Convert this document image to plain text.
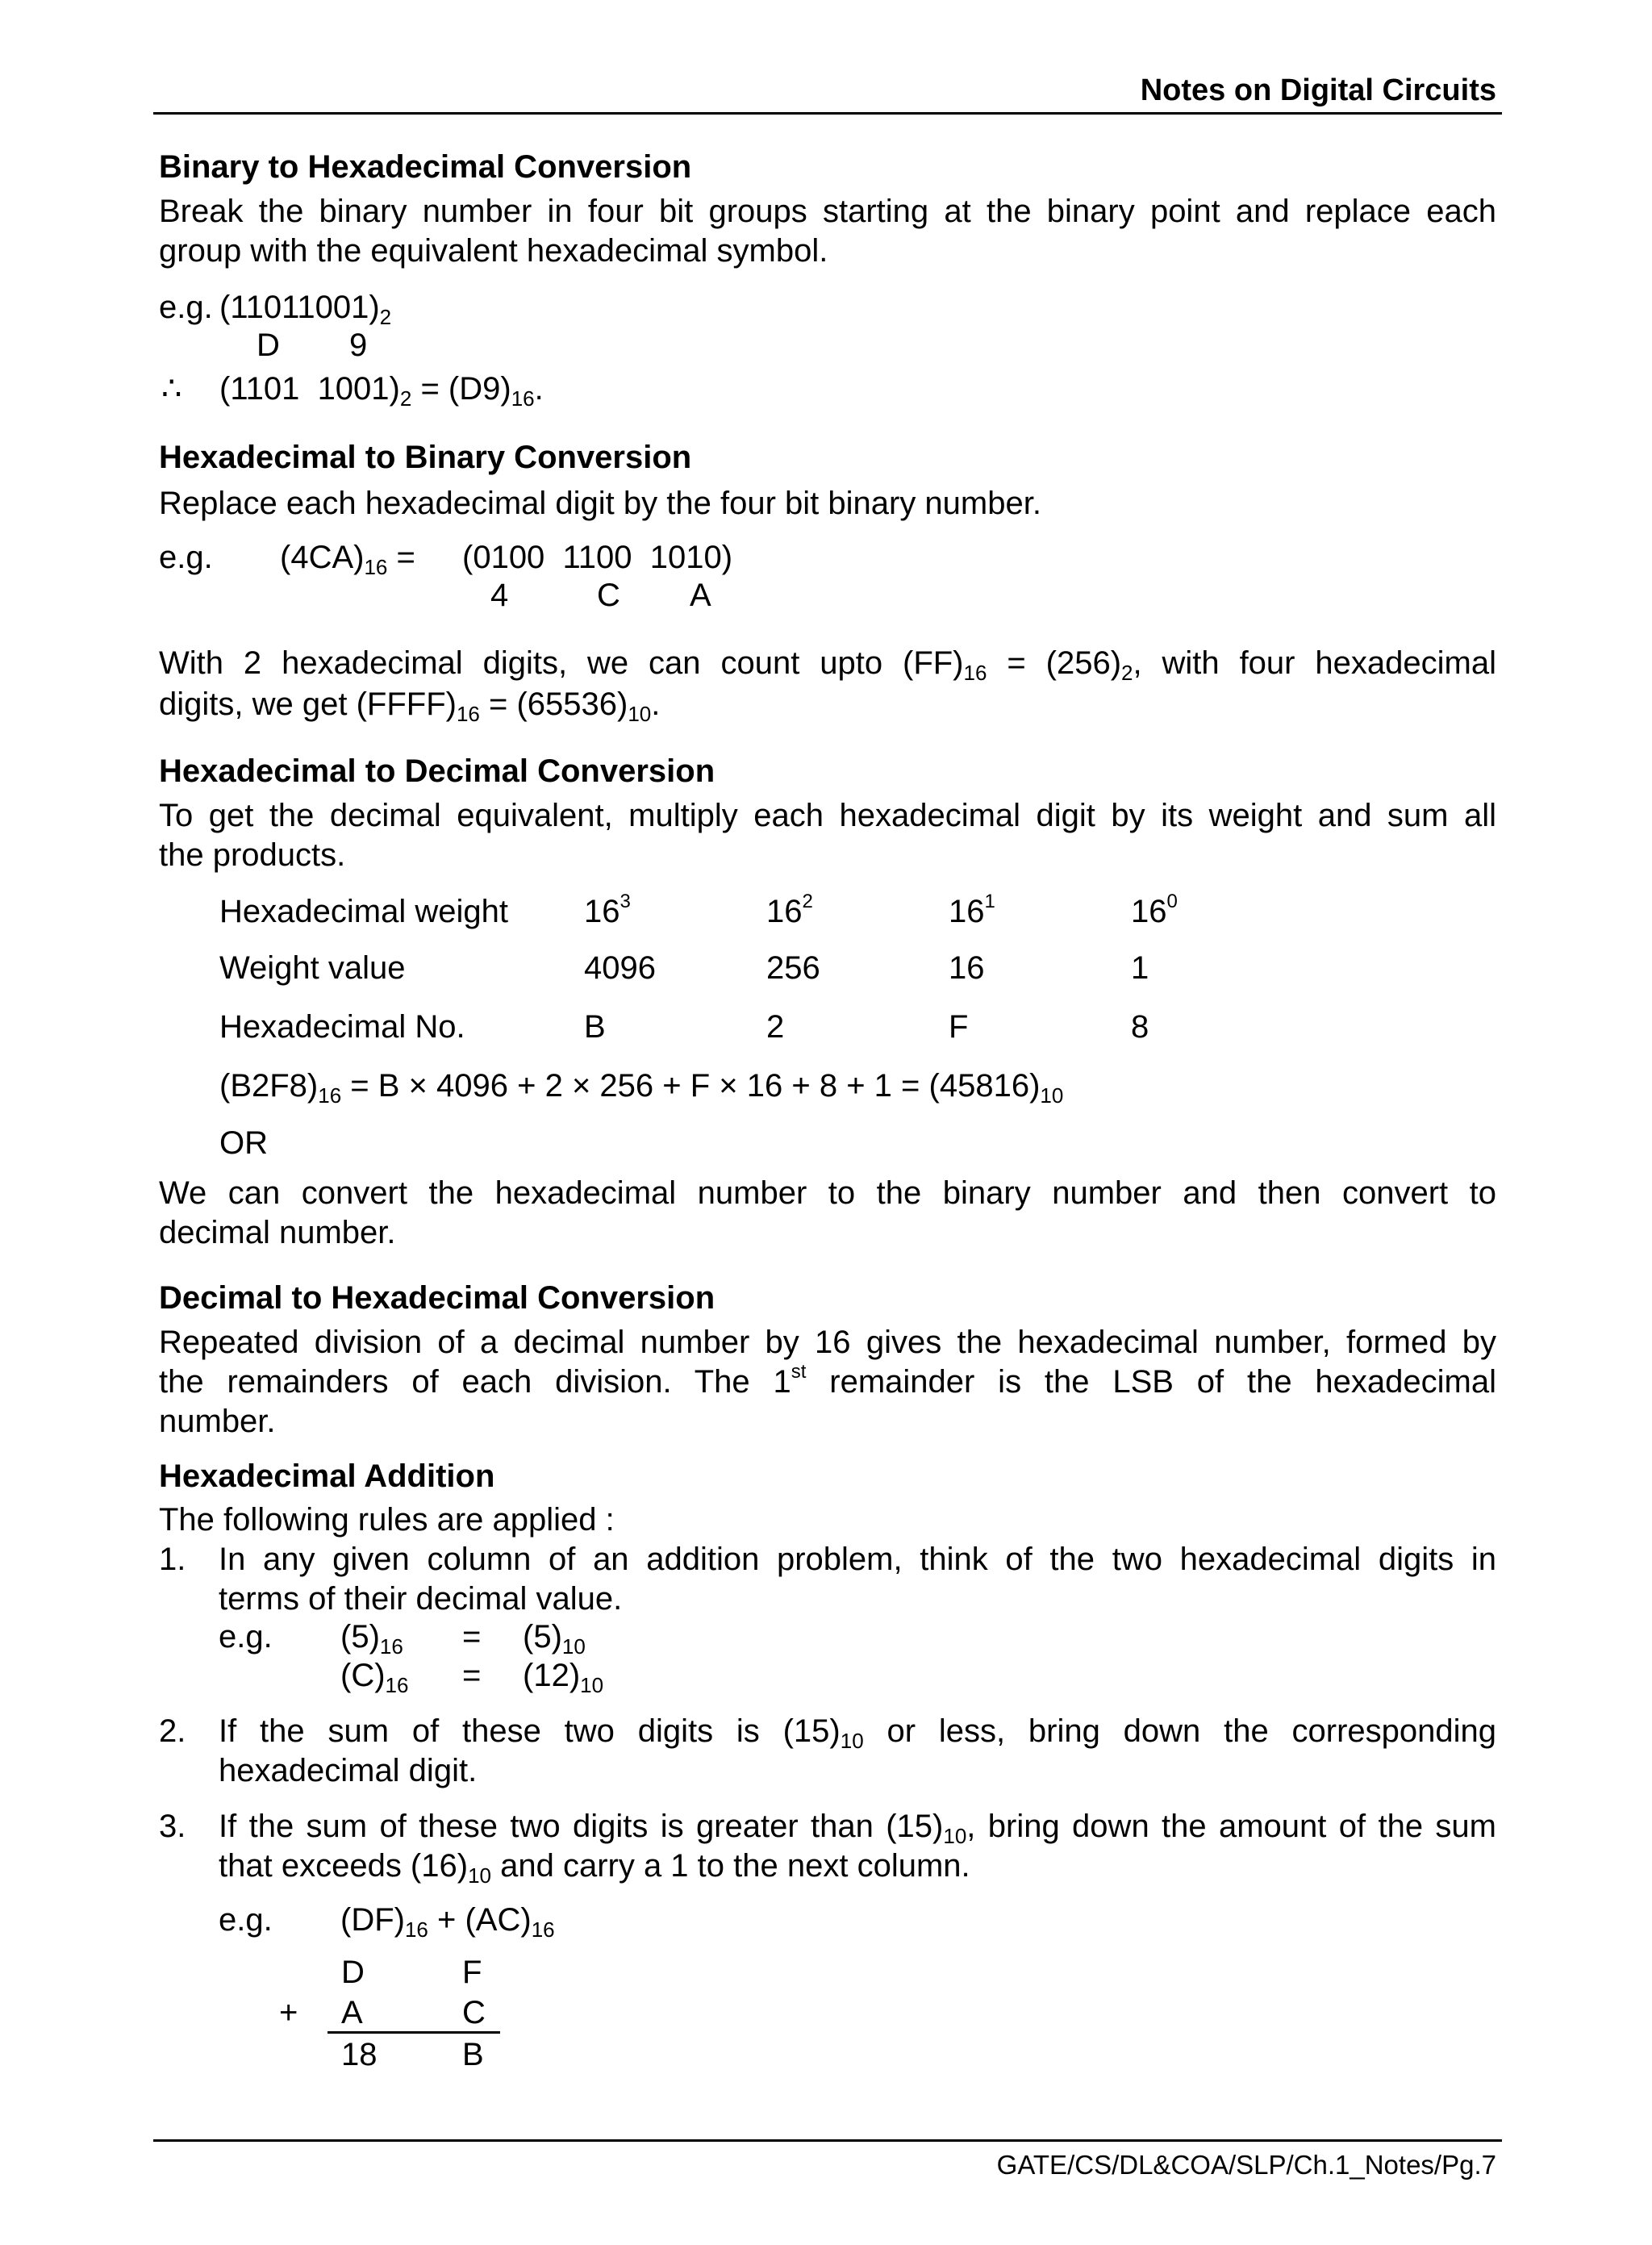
Notes on Digital Circuits
Binary to Hexadecimal Conversion
Break the binary number in four bit groups starting at the binary point and replace each
group with the equivalent hexadecimal symbol.
e.g. $(11011001)_2$
D 9
∴ (1101  $1001)_2 = (D9)_{16}$.
Hexadecimal to Binary Conversion
Replace each hexadecimal digit by the four bit binary number.
e.g. $(4CA)_{16} = (0100$  1100  1010)
4	C A
With 2 hexadecimal digits, we can count upto $(FF)_{16} = (256)_2$, with four hexadecimal
digits, we get $(FFFF)_{16} = (65536)_{10}$.
Hexadecimal to Decimal Conversion
To get the decimal equivalent, multiply each hexadecimal digit by its weight and sum all
the products.
Hexadecimal weight $16^3$	$16^2$	$16^1$	$16^0$
Weight value	4096	256	16	1
Hexadecimal No.	B	2	F	8
$(B2F8)_{16} = B \times 4096 + 2 \times 256 + F \times 16 + 8 + 1 = (45816)_{10}$
OR
We can convert the hexadecimal number to the binary number and then convert to
decimal number.
Decimal to Hexadecimal Conversion
Repeated division of a decimal number by 16 gives the hexadecimal number, formed by
the remainders of each division. The 1st remainder is the LSB of the hexadecimal
number.
Hexadecimal Addition
The following rules are applied :
1. In any given column of an addition problem, think of the two hexadecimal digits in
terms of their decimal value.
e.g. $(5)_{16} = (5)_{10}$
$(C)_{16} = (12)_{10}$
2. If the sum of these two digits is $(15)_{10}$ or less, bring down the corresponding
hexadecimal digit.
3. If the sum of these two digits is greater than $(15)_{10}$, bring down the amount of the sum
that exceeds $(16)_{10}$ and carry a 1 to the next column.
e.g. $(DF)_{16} + (AC)_{16}$
D	F
+ A	C
18	B
GATE/CS/DL&COA/SLP/Ch.1_Notes/Pg.7
